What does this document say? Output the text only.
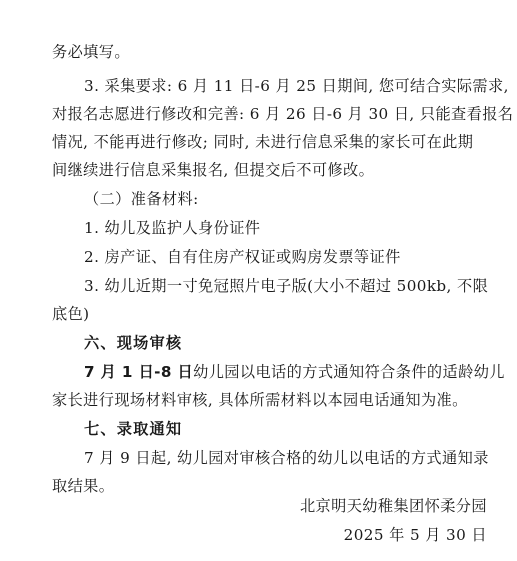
务必填写。
3. 采集要求: 6 月 11 日-6 月 25 日期间, 您可结合实际需求,
对报名志愿进行修改和完善: 6 月 26 日-6 月 30 日, 只能查看报名
情况, 不能再进行修改; 同时, 未进行信息采集的家长可在此期
间继续进行信息采集报名, 但提交后不可修改。
（二）准备材料:
1. 幼儿及监护人身份证件
2. 房产证、自有住房产权证或购房发票等证件
3. 幼儿近期一寸免冠照片电子版(大小不超过 500kb, 不限
底色)
六、现场审核
7 月 1 日-8 日幼儿园以电话的方式通知符合条件的适龄幼儿
家长进行现场材料审核, 具体所需材料以本园电话通知为准。
七、录取通知
7 月 9 日起, 幼儿园对审核合格的幼儿以电话的方式通知录
取结果。
北京明天幼稚集团怀柔分园
2025 年 5 月 30 日
